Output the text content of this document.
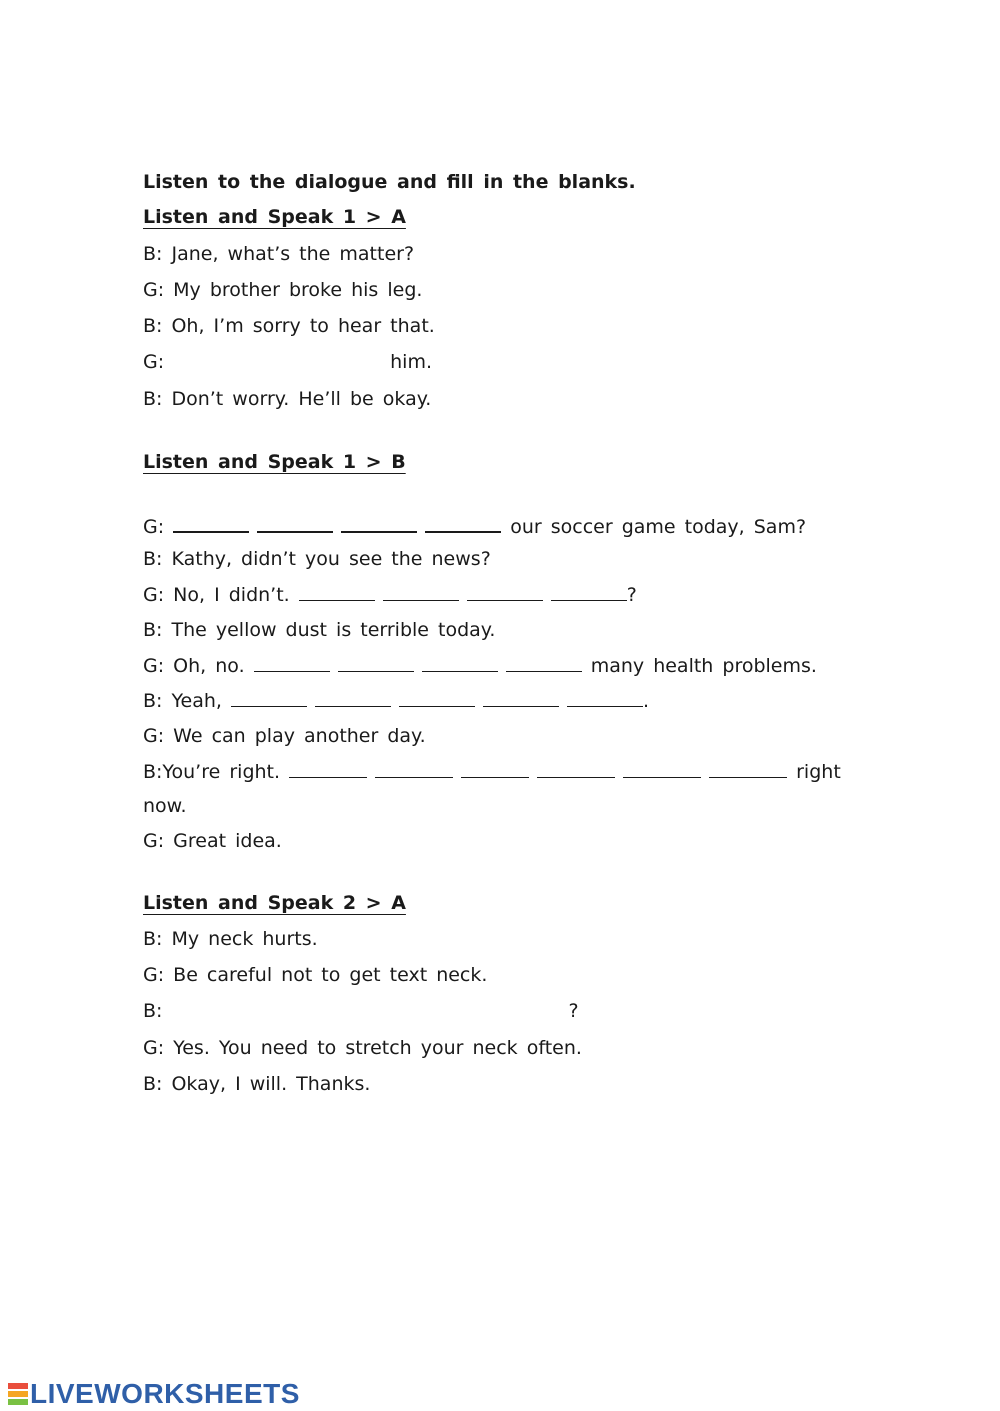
Listen to the dialogue and fill in the blanks.
Listen and Speak 1 > A
B: Jane, what’s the matter?
G: My brother broke his leg.
B: Oh, I’m sorry to hear that.
G:	him.
B: Don’t worry. He’ll be okay.
Listen and Speak 1 > B
G:	our soccer game today, Sam?
B: Kathy, didn’t you see the news?
G: No, I didn’t.	?
B: The yellow dust is terrible today.
G: Oh, no.	many health problems.
B: Yeah,	.
G: We can play another day.
B:You’re right.	right
now.
G: Great idea.
Listen and Speak 2 > A
B: My neck hurts.
G: Be careful not to get text neck.
B:	?
G: Yes. You need to stretch your neck often.
B: Okay, I will. Thanks.
LIVEWORKSHEETS
